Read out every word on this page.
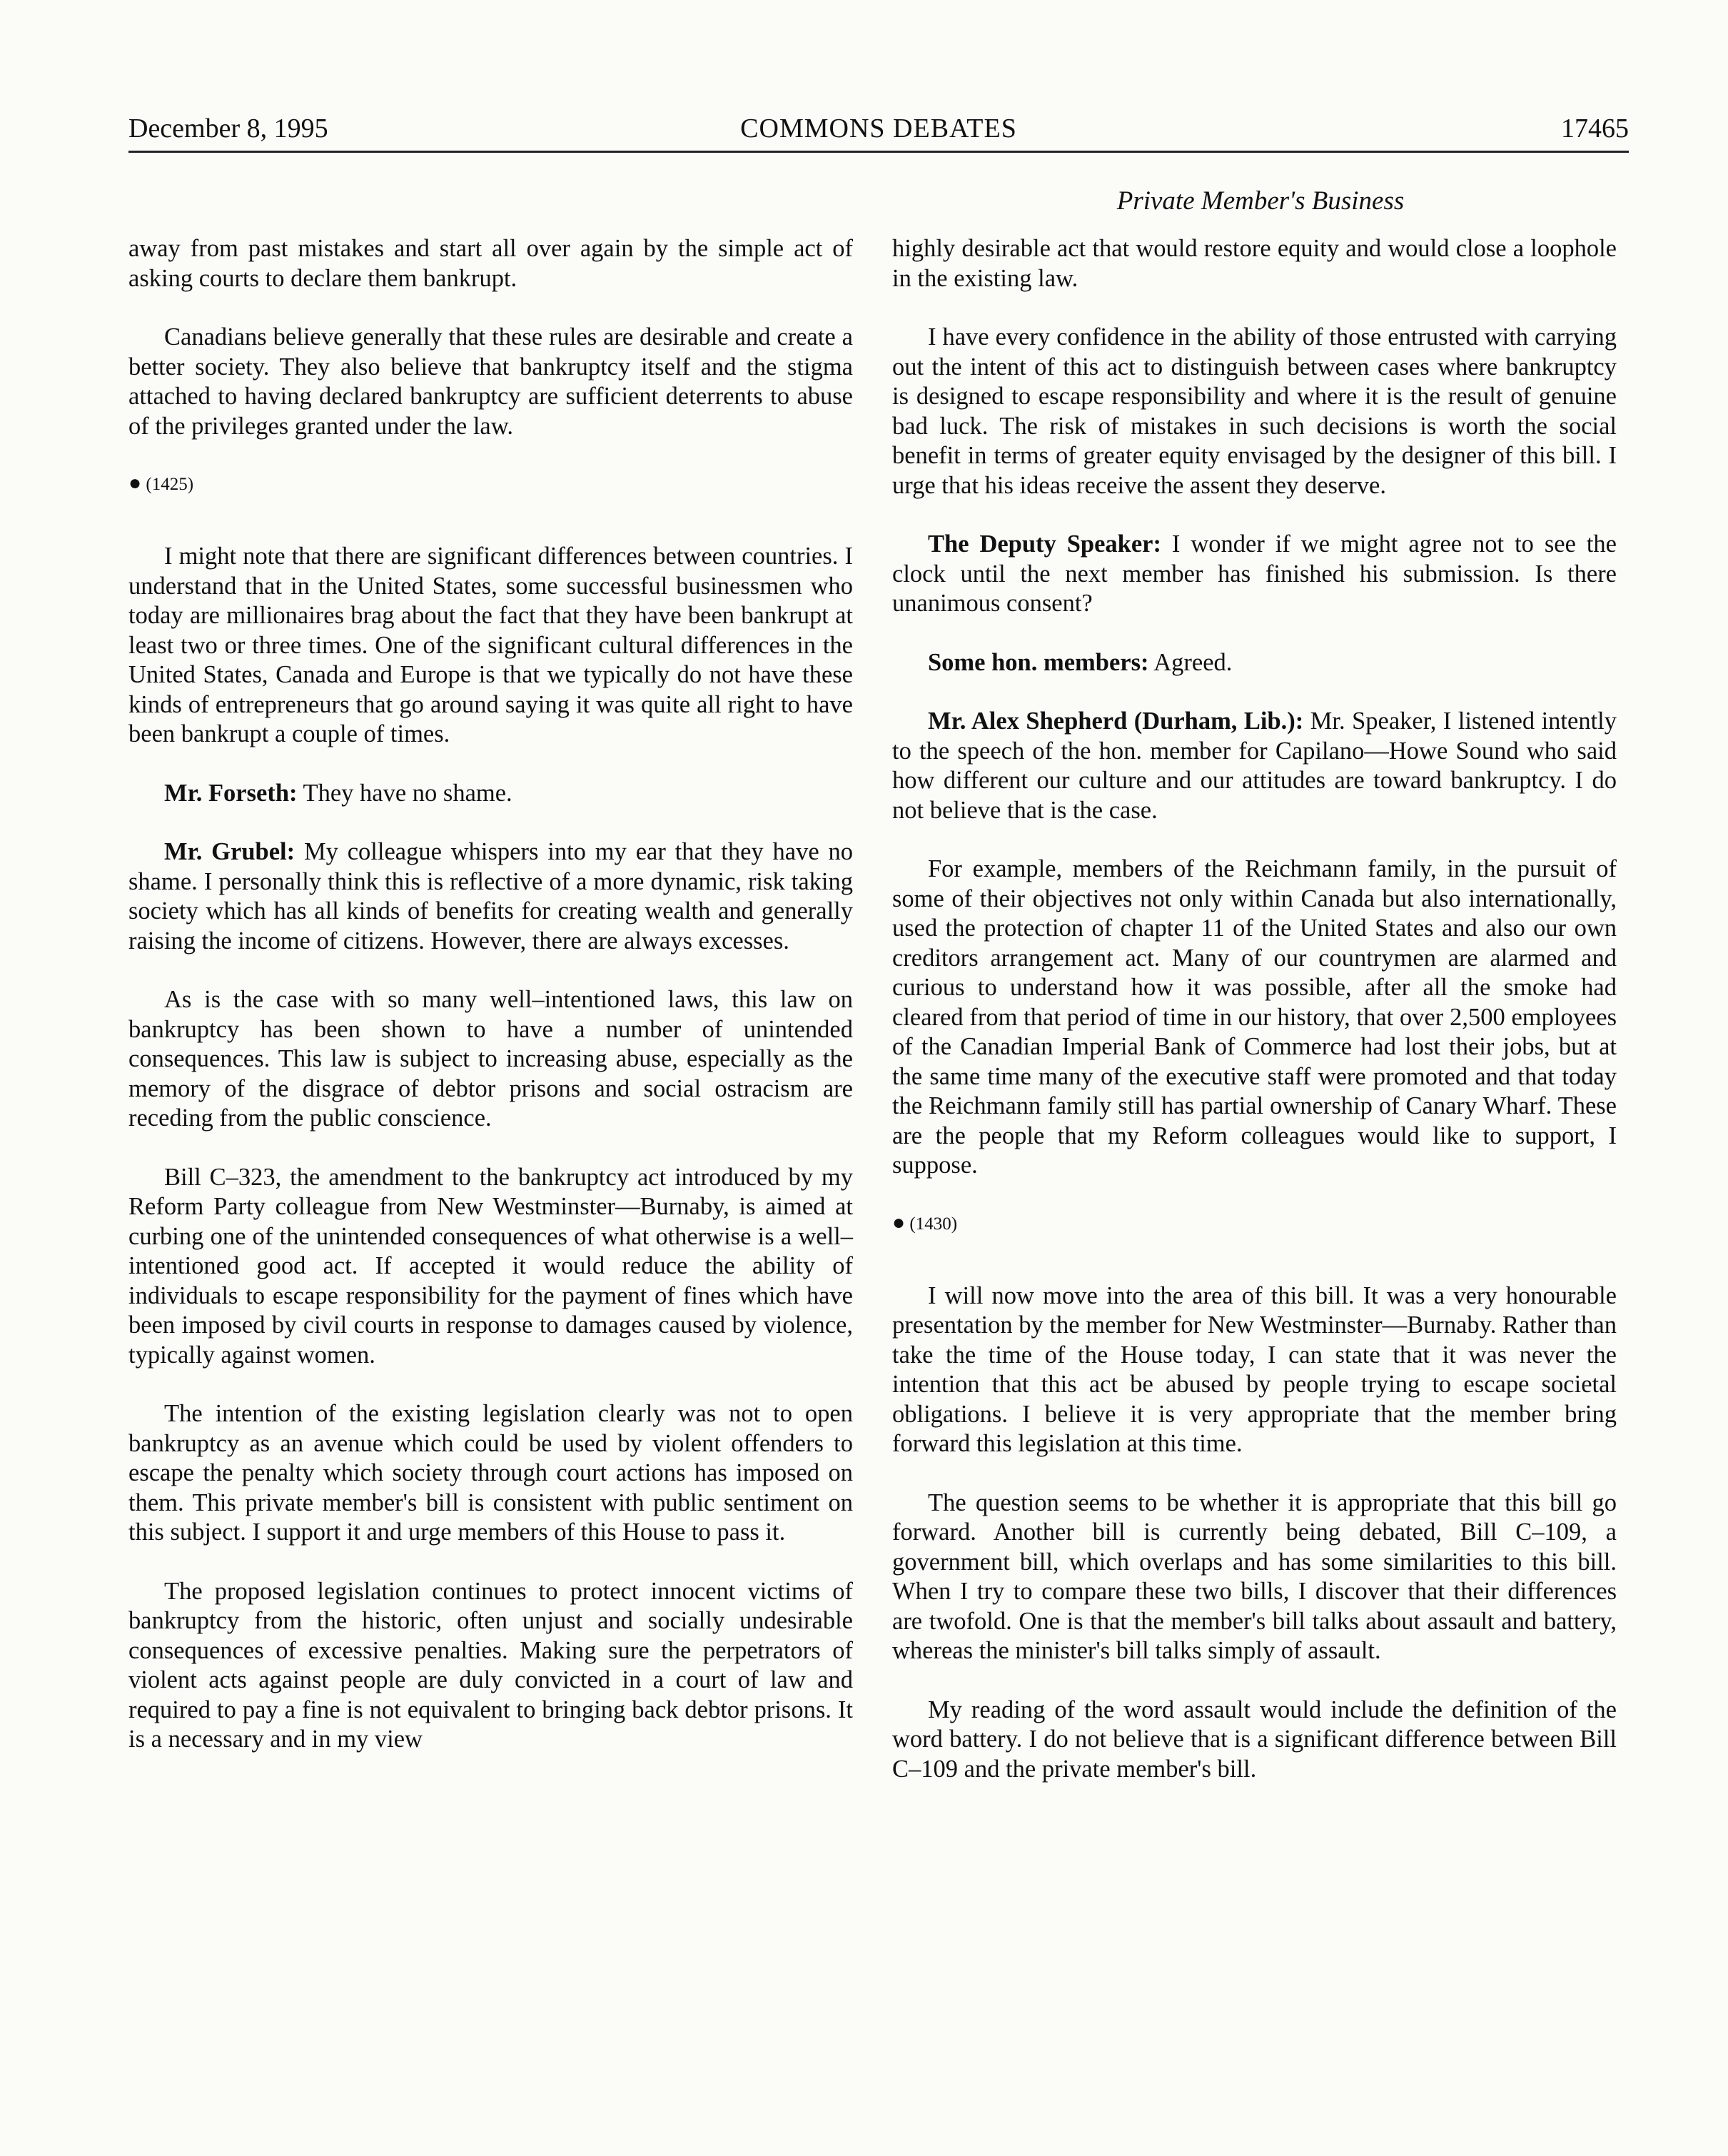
December 8, 1995	COMMONS DEBATES	17465
Private Member's Business

away from past mistakes and start all over again by the simple act of asking courts to declare them bankrupt.

Canadians believe generally that these rules are desirable and create a better society. They also believe that bankruptcy itself and the stigma attached to having declared bankruptcy are sufficient deterrents to abuse of the privileges granted under the law.

● (1425)

I might note that there are significant differences between countries. I understand that in the United States, some successful businessmen who today are millionaires brag about the fact that they have been bankrupt at least two or three times. One of the significant cultural differences in the United States, Canada and Europe is that we typically do not have these kinds of entrepreneurs that go around saying it was quite all right to have been bankrupt a couple of times.

Mr. Forseth: They have no shame.

Mr. Grubel: My colleague whispers into my ear that they have no shame. I personally think this is reflective of a more dynamic, risk taking society which has all kinds of benefits for creating wealth and generally raising the income of citizens. However, there are always excesses.

As is the case with so many well–intentioned laws, this law on bankruptcy has been shown to have a number of unintended consequences. This law is subject to increasing abuse, especially as the memory of the disgrace of debtor prisons and social ostracism are receding from the public conscience.

Bill C–323, the amendment to the bankruptcy act introduced by my Reform Party colleague from New Westminster—Burnaby, is aimed at curbing one of the unintended consequences of what otherwise is a well–intentioned good act. If accepted it would reduce the ability of individuals to escape responsibility for the payment of fines which have been imposed by civil courts in response to damages caused by violence, typically against women.

The intention of the existing legislation clearly was not to open bankruptcy as an avenue which could be used by violent offenders to escape the penalty which society through court actions has imposed on them. This private member's bill is consistent with public sentiment on this subject. I support it and urge members of this House to pass it.

The proposed legislation continues to protect innocent victims of bankruptcy from the historic, often unjust and socially undesirable consequences of excessive penalties. Making sure the perpetrators of violent acts against people are duly convicted in a court of law and required to pay a fine is not equivalent to bringing back debtor prisons. It is a necessary and in my view

highly desirable act that would restore equity and would close a loophole in the existing law.

I have every confidence in the ability of those entrusted with carrying out the intent of this act to distinguish between cases where bankruptcy is designed to escape responsibility and where it is the result of genuine bad luck. The risk of mistakes in such decisions is worth the social benefit in terms of greater equity envisaged by the designer of this bill. I urge that his ideas receive the assent they deserve.

The Deputy Speaker: I wonder if we might agree not to see the clock until the next member has finished his submission. Is there unanimous consent?

Some hon. members: Agreed.

Mr. Alex Shepherd (Durham, Lib.): Mr. Speaker, I listened intently to the speech of the hon. member for Capilano—Howe Sound who said how different our culture and our attitudes are toward bankruptcy. I do not believe that is the case.

For example, members of the Reichmann family, in the pursuit of some of their objectives not only within Canada but also internationally, used the protection of chapter 11 of the United States and also our own creditors arrangement act. Many of our countrymen are alarmed and curious to understand how it was possible, after all the smoke had cleared from that period of time in our history, that over 2,500 employees of the Canadian Imperial Bank of Commerce had lost their jobs, but at the same time many of the executive staff were promoted and that today the Reichmann family still has partial ownership of Canary Wharf. These are the people that my Reform colleagues would like to support, I suppose.

● (1430)

I will now move into the area of this bill. It was a very honourable presentation by the member for New Westminster—Burnaby. Rather than take the time of the House today, I can state that it was never the intention that this act be abused by people trying to escape societal obligations. I believe it is very appropriate that the member bring forward this legislation at this time.

The question seems to be whether it is appropriate that this bill go forward. Another bill is currently being debated, Bill C–109, a government bill, which overlaps and has some similarities to this bill. When I try to compare these two bills, I discover that their differences are twofold. One is that the member's bill talks about assault and battery, whereas the minister's bill talks simply of assault.

My reading of the word assault would include the definition of the word battery. I do not believe that is a significant difference between Bill C–109 and the private member's bill.
